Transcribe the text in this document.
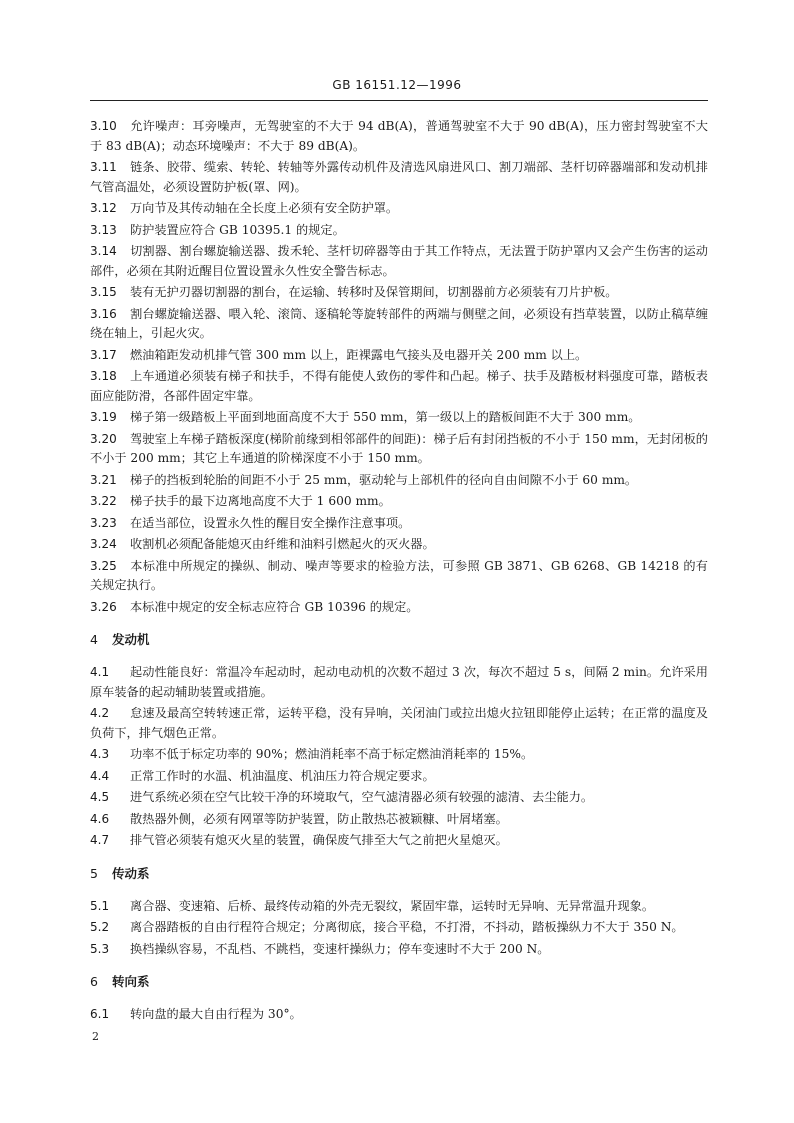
GB 16151.12—1996
3.10 允许噪声：耳旁噪声，无驾驶室的不大于 94 dB(A)，普通驾驶室不大于 90 dB(A)，压力密封驾驶室不大于 83 dB(A)；动态环境噪声：不大于 89 dB(A)。
3.11 链条、胶带、缆索、转轮、转轴等外露传动机件及清选风扇进风口、割刀端部、茎杆切碎器端部和发动机排气管高温处，必须设置防护板(罩、网)。
3.12 万向节及其传动轴在全长度上必须有安全防护罩。
3.13 防护装置应符合 GB 10395.1 的规定。
3.14 切割器、割台螺旋输送器、拨禾轮、茎杆切碎器等由于其工作特点，无法置于防护罩内又会产生伤害的运动部件，必须在其附近醒目位置设置永久性安全警告标志。
3.15 装有无护刃器切割器的割台，在运输、转移时及保管期间，切割器前方必须装有刀片护板。
3.16 割台螺旋输送器、喂入轮、滚筒、逐稿轮等旋转部件的两端与侧壁之间，必须设有挡草装置，以防止稿草缠绕在轴上，引起火灾。
3.17 燃油箱距发动机排气管 300 mm 以上，距裸露电气接头及电器开关 200 mm 以上。
3.18 上车通道必须装有梯子和扶手，不得有能使人致伤的零件和凸起。梯子、扶手及踏板材料强度可靠，踏板表面应能防滑，各部件固定牢靠。
3.19 梯子第一级踏板上平面到地面高度不大于 550 mm，第一级以上的踏板间距不大于 300 mm。
3.20 驾驶室上车梯子踏板深度(梯阶前缘到相邻部件的间距)：梯子后有封闭挡板的不小于 150 mm，无封闭板的不小于 200 mm；其它上车通道的阶梯深度不小于 150 mm。
3.21 梯子的挡板到轮胎的间距不小于 25 mm，驱动轮与上部机件的径向自由间隙不小于 60 mm。
3.22 梯子扶手的最下边离地高度不大于 1 600 mm。
3.23 在适当部位，设置永久性的醒目安全操作注意事项。
3.24 收割机必须配备能熄灭由纤维和油料引燃起火的灭火器。
3.25 本标准中所规定的操纵、制动、噪声等要求的检验方法，可参照 GB 3871、GB 6268、GB 14218 的有关规定执行。
3.26 本标准中规定的安全标志应符合 GB 10396 的规定。
4 发动机
4.1 起动性能良好：常温冷车起动时，起动电动机的次数不超过 3 次，每次不超过 5 s，间隔 2 min。允许采用原车装备的起动辅助装置或措施。
4.2 怠速及最高空转转速正常，运转平稳，没有异响，关闭油门或拉出熄火拉钮即能停止运转；在正常的温度及负荷下，排气烟色正常。
4.3 功率不低于标定功率的 90%；燃油消耗率不高于标定燃油消耗率的 15%。
4.4 正常工作时的水温、机油温度、机油压力符合规定要求。
4.5 进气系统必须在空气比较干净的环境取气，空气滤清器必须有较强的滤清、去尘能力。
4.6 散热器外侧，必须有网罩等防护装置，防止散热芯被颖糠、叶屑堵塞。
4.7 排气管必须装有熄灭火星的装置，确保废气排至大气之前把火星熄灭。
5 传动系
5.1 离合器、变速箱、后桥、最终传动箱的外壳无裂纹，紧固牢靠，运转时无异响、无异常温升现象。
5.2 离合器踏板的自由行程符合规定；分离彻底，接合平稳，不打滑，不抖动，踏板操纵力不大于 350 N。
5.3 换档操纵容易，不乱档、不跳档，变速杆操纵力；停车变速时不大于 200 N。
6 转向系
6.1 转向盘的最大自由行程为 30°。
2
